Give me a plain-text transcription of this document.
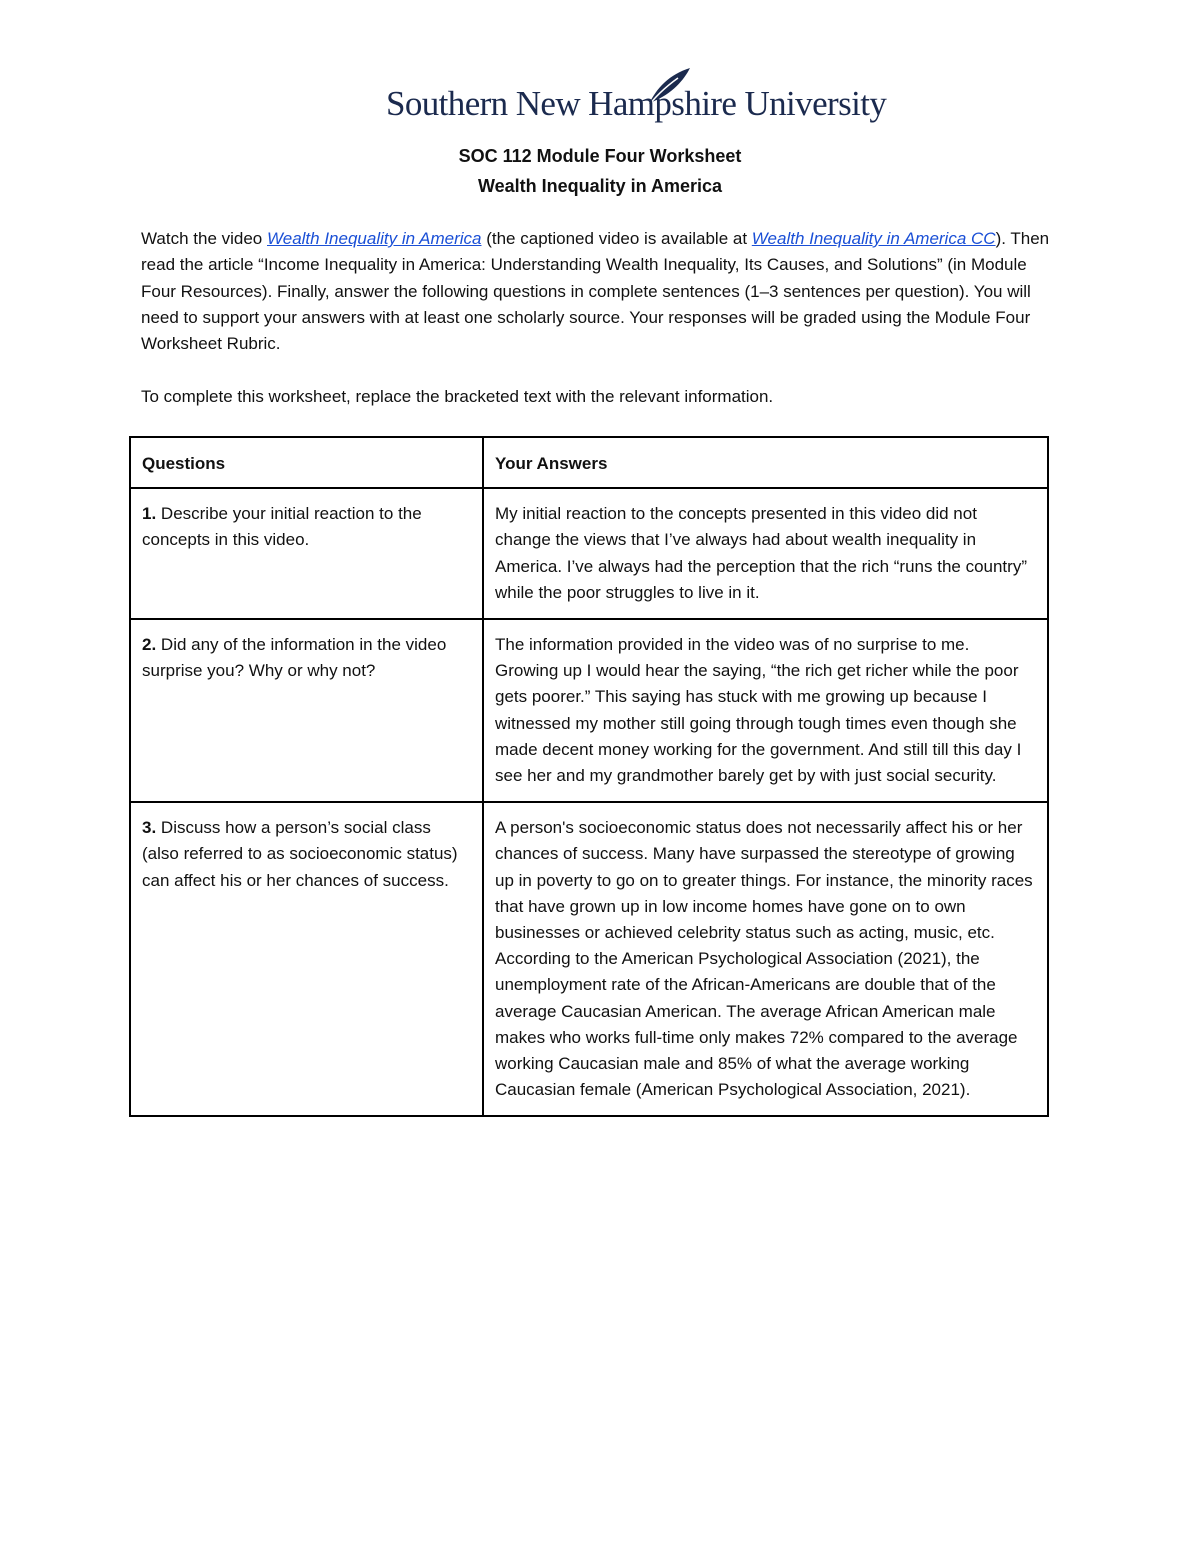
Southern New Hampshire University
SOC 112 Module Four Worksheet
Wealth Inequality in America
Watch the video Wealth Inequality in America (the captioned video is available at Wealth Inequality in America CC). Then read the article “Income Inequality in America: Understanding Wealth Inequality, Its Causes, and Solutions” (in Module Four Resources). Finally, answer the following questions in complete sentences (1–3 sentences per question). You will need to support your answers with at least one scholarly source. Your responses will be graded using the Module Four Worksheet Rubric.
To complete this worksheet, replace the bracketed text with the relevant information.
Questions	Your Answers
1. Describe your initial reaction to the concepts in this video.	My initial reaction to the concepts presented in this video did not change the views that I’ve always had about wealth inequality in America. I’ve always had the perception that the rich “runs the country” while the poor struggles to live in it.
2. Did any of the information in the video surprise you? Why or why not?	The information provided in the video was of no surprise to me. Growing up I would hear the saying, “the rich get richer while the poor gets poorer.” This saying has stuck with me growing up because I witnessed my mother still going through tough times even though she made decent money working for the government. And still till this day I see her and my grandmother barely get by with just social security.
3. Discuss how a person’s social class (also referred to as socioeconomic status) can affect his or her chances of success.	A person's socioeconomic status does not necessarily affect his or her chances of success. Many have surpassed the stereotype of growing up in poverty to go on to greater things. For instance, the minority races that have grown up in low income homes have gone on to own businesses or achieved celebrity status such as acting, music, etc. According to the American Psychological Association (2021), the unemployment rate of the African-Americans are double that of the average Caucasian American. The average African American male makes who works full-time only makes 72% compared to the average working Caucasian male and 85% of what the average working Caucasian female (American Psychological Association, 2021).
